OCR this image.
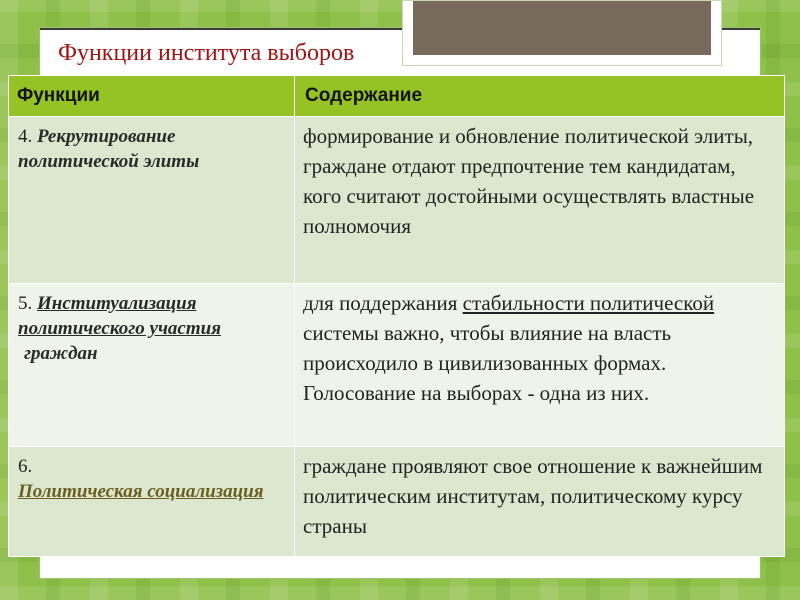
Функции института выборов
Функции	Содержание

4. Рекрутирование политической элиты	формирование и обновление политической элиты, граждане отдают предпочтение тем кандидатам, кого считают достойными осуществлять властные полномочия
5. Институализация политического участия
граждан	для поддержания стабильности политической системы важно, чтобы влияние на власть происходило в цивилизованных формах. Голосование на выборах - одна из них.
6.
Политическая социализация	граждане проявляют свое отношение к важнейшим политическим институтам, политическому курсу страны
